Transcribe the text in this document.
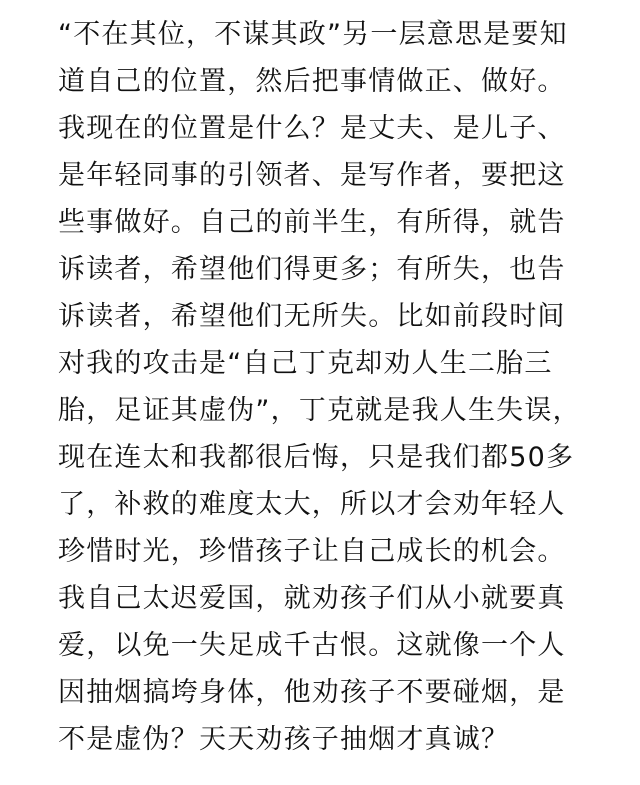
“不在其位，不谋其政”另一层意思是要知
道自己的位置，然后把事情做正、做好。
我现在的位置是什么？是丈夫、是儿子、
是年轻同事的引领者、是写作者，要把这
些事做好。自己的前半生，有所得，就告
诉读者，希望他们得更多；有所失，也告
诉读者，希望他们无所失。比如前段时间
对我的攻击是“自己丁克却劝人生二胎三
胎，足证其虚伪”，丁克就是我人生失误，
现在连太和我都很后悔，只是我们都50多
了，补救的难度太大，所以才会劝年轻人
珍惜时光，珍惜孩子让自己成长的机会。
我自己太迟爱国，就劝孩子们从小就要真
爱，以免一失足成千古恨。这就像一个人
因抽烟搞垮身体，他劝孩子不要碰烟，是
不是虚伪？天天劝孩子抽烟才真诚？
